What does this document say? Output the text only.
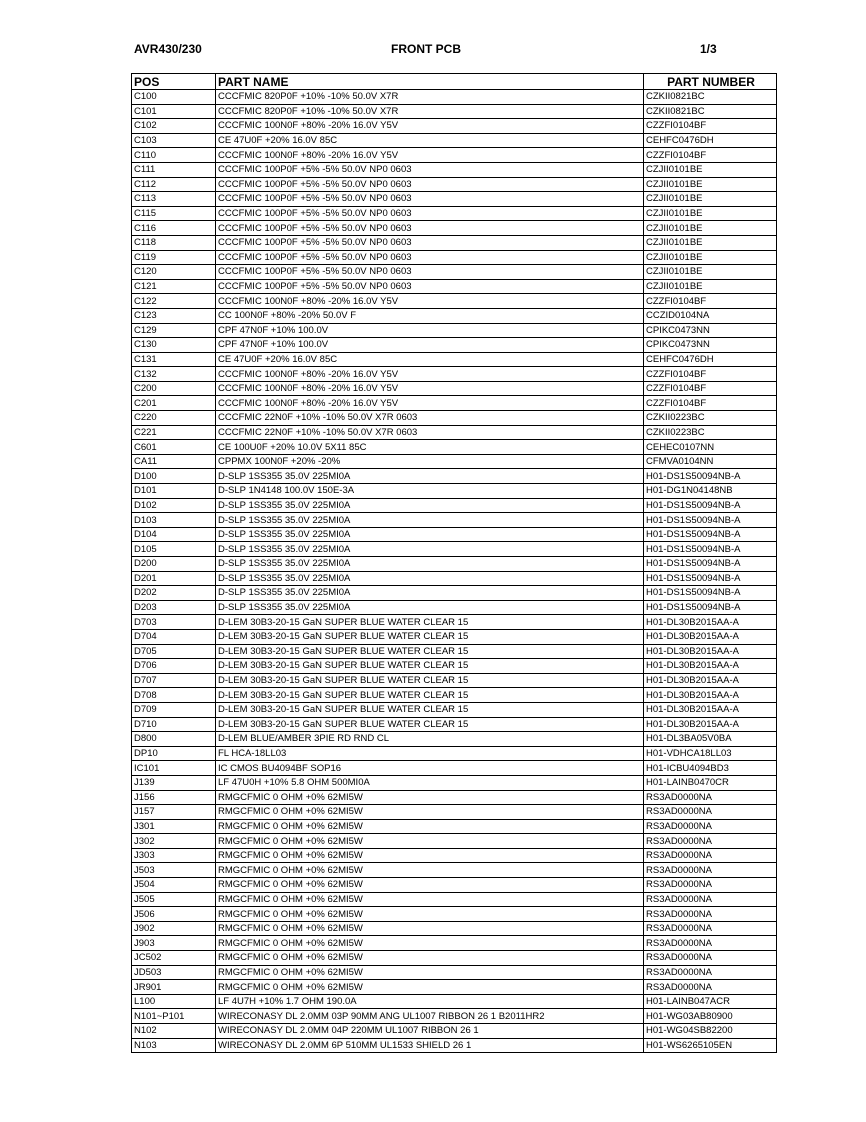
AVR430/230	FRONT PCB	1/3
POS	PART NAME	PART NUMBER
C100	CCCFMIC 820P0F +10% -10% 50.0V X7R	CZKII0821BC
C101	CCCFMIC 820P0F +10% -10% 50.0V X7R	CZKII0821BC
C102	CCCFMIC 100N0F +80% -20% 16.0V Y5V	CZZFI0104BF
C103	CE 47U0F +20% 16.0V 85C	CEHFC0476DH
C110	CCCFMIC 100N0F +80% -20% 16.0V Y5V	CZZFI0104BF
C111	CCCFMIC 100P0F +5% -5% 50.0V NP0 0603	CZJII0101BE
C112	CCCFMIC 100P0F +5% -5% 50.0V NP0 0603	CZJII0101BE
C113	CCCFMIC 100P0F +5% -5% 50.0V NP0 0603	CZJII0101BE
C115	CCCFMIC 100P0F +5% -5% 50.0V NP0 0603	CZJII0101BE
C116	CCCFMIC 100P0F +5% -5% 50.0V NP0 0603	CZJII0101BE
C118	CCCFMIC 100P0F +5% -5% 50.0V NP0 0603	CZJII0101BE
C119	CCCFMIC 100P0F +5% -5% 50.0V NP0 0603	CZJII0101BE
C120	CCCFMIC 100P0F +5% -5% 50.0V NP0 0603	CZJII0101BE
C121	CCCFMIC 100P0F +5% -5% 50.0V NP0 0603	CZJII0101BE
C122	CCCFMIC 100N0F +80% -20% 16.0V Y5V	CZZFI0104BF
C123	CC 100N0F +80% -20% 50.0V F	CCZID0104NA
C129	CPF 47N0F +10% 100.0V	CPIKC0473NN
C130	CPF 47N0F +10% 100.0V	CPIKC0473NN
C131	CE 47U0F +20% 16.0V 85C	CEHFC0476DH
C132	CCCFMIC 100N0F +80% -20% 16.0V Y5V	CZZFI0104BF
C200	CCCFMIC 100N0F +80% -20% 16.0V Y5V	CZZFI0104BF
C201	CCCFMIC 100N0F +80% -20% 16.0V Y5V	CZZFI0104BF
C220	CCCFMIC 22N0F +10% -10% 50.0V X7R 0603	CZKII0223BC
C221	CCCFMIC 22N0F +10% -10% 50.0V X7R 0603	CZKII0223BC
C601	CE 100U0F +20% 10.0V 5X11 85C	CEHEC0107NN
CA11	CPPMX 100N0F +20% -20%	CFMVA0104NN
D100	D-SLP 1SS355 35.0V 225MI0A	H01-DS1S50094NB-A
D101	D-SLP 1N4148 100.0V 150E-3A	H01-DG1N04148NB
D102	D-SLP 1SS355 35.0V 225MI0A	H01-DS1S50094NB-A
D103	D-SLP 1SS355 35.0V 225MI0A	H01-DS1S50094NB-A
D104	D-SLP 1SS355 35.0V 225MI0A	H01-DS1S50094NB-A
D105	D-SLP 1SS355 35.0V 225MI0A	H01-DS1S50094NB-A
D200	D-SLP 1SS355 35.0V 225MI0A	H01-DS1S50094NB-A
D201	D-SLP 1SS355 35.0V 225MI0A	H01-DS1S50094NB-A
D202	D-SLP 1SS355 35.0V 225MI0A	H01-DS1S50094NB-A
D203	D-SLP 1SS355 35.0V 225MI0A	H01-DS1S50094NB-A
D703	D-LEM 30B3-20-15 GaN SUPER BLUE WATER CLEAR 15	H01-DL30B2015AA-A
D704	D-LEM 30B3-20-15 GaN SUPER BLUE WATER CLEAR 15	H01-DL30B2015AA-A
D705	D-LEM 30B3-20-15 GaN SUPER BLUE WATER CLEAR 15	H01-DL30B2015AA-A
D706	D-LEM 30B3-20-15 GaN SUPER BLUE WATER CLEAR 15	H01-DL30B2015AA-A
D707	D-LEM 30B3-20-15 GaN SUPER BLUE WATER CLEAR 15	H01-DL30B2015AA-A
D708	D-LEM 30B3-20-15 GaN SUPER BLUE WATER CLEAR 15	H01-DL30B2015AA-A
D709	D-LEM 30B3-20-15 GaN SUPER BLUE WATER CLEAR 15	H01-DL30B2015AA-A
D710	D-LEM 30B3-20-15 GaN SUPER BLUE WATER CLEAR 15	H01-DL30B2015AA-A
D800	D-LEM BLUE/AMBER 3PIE RD RND CL	H01-DL3BA05V0BA
DP10	FL HCA-18LL03	H01-VDHCA18LL03
IC101	IC CMOS BU4094BF SOP16	H01-ICBU4094BD3
J139	LF 47U0H +10% 5.8 OHM 500MI0A	H01-LAINB0470CR
J156	RMGCFMIC 0 OHM +0% 62MI5W	RS3AD0000NA
J157	RMGCFMIC 0 OHM +0% 62MI5W	RS3AD0000NA
J301	RMGCFMIC 0 OHM +0% 62MI5W	RS3AD0000NA
J302	RMGCFMIC 0 OHM +0% 62MI5W	RS3AD0000NA
J303	RMGCFMIC 0 OHM +0% 62MI5W	RS3AD0000NA
J503	RMGCFMIC 0 OHM +0% 62MI5W	RS3AD0000NA
J504	RMGCFMIC 0 OHM +0% 62MI5W	RS3AD0000NA
J505	RMGCFMIC 0 OHM +0% 62MI5W	RS3AD0000NA
J506	RMGCFMIC 0 OHM +0% 62MI5W	RS3AD0000NA
J902	RMGCFMIC 0 OHM +0% 62MI5W	RS3AD0000NA
J903	RMGCFMIC 0 OHM +0% 62MI5W	RS3AD0000NA
JC502	RMGCFMIC 0 OHM +0% 62MI5W	RS3AD0000NA
JD503	RMGCFMIC 0 OHM +0% 62MI5W	RS3AD0000NA
JR901	RMGCFMIC 0 OHM +0% 62MI5W	RS3AD0000NA
L100	LF 4U7H +10% 1.7 OHM 190.0A	H01-LAINB047ACR
N101~P101	WIRECONASY DL 2.0MM 03P 90MM ANG UL1007 RIBBON 26 1 B2011HR2	H01-WG03AB80900
N102	WIRECONASY DL 2.0MM 04P 220MM UL1007 RIBBON 26 1	H01-WG04SB82200
N103	WIRECONASY DL 2.0MM 6P 510MM UL1533 SHIELD 26 1	H01-WS6265105EN
